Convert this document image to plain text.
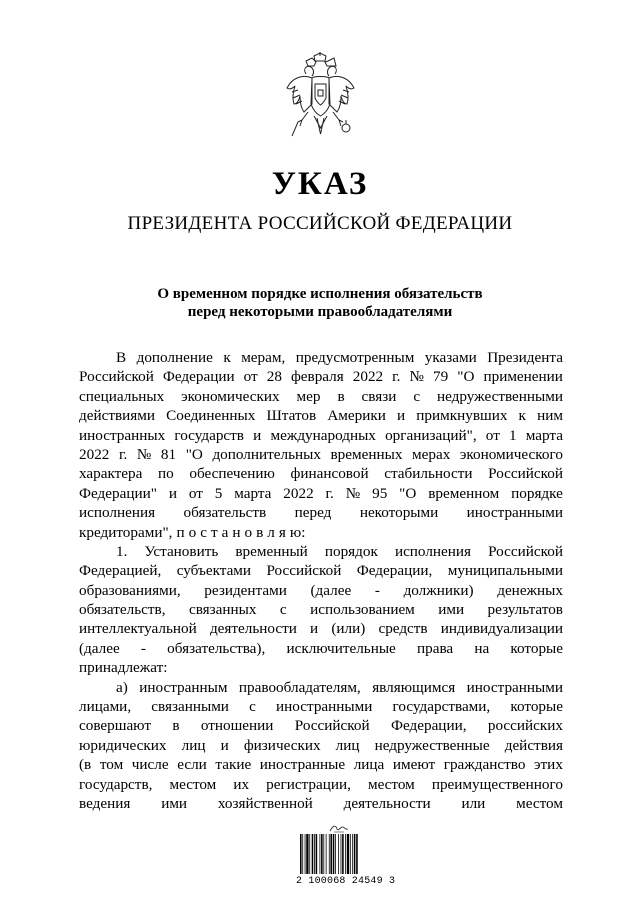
УКАЗ
ПРЕЗИДЕНТА РОССИЙСКОЙ ФЕДЕРАЦИИ
О временном порядке исполнения обязательств
перед некоторыми правообладателями
В дополнение к мерам, предусмотренным указами Президента
Российской Федерации от 28 февраля 2022 г. № 79 "О применении
специальных экономических мер в связи с недружественными
действиями Соединенных Штатов Америки и примкнувших к ним
иностранных государств и международных организаций", от 1 марта
2022 г. № 81 "О дополнительных временных мерах экономического
характера по обеспечению финансовой стабильности Российской
Федерации" и от 5 марта 2022 г. № 95 "О временном порядке
исполнения обязательств перед некоторыми иностранными
кредиторами", п о с т а н о в л я ю:
1. Установить временный порядок исполнения Российской
Федерацией, субъектами Российской Федерации, муниципальными
образованиями, резидентами (далее - должники) денежных
обязательств, связанных с использованием ими результатов
интеллектуальной деятельности и (или) средств индивидуализации
(далее - обязательства), исключительные права на которые
принадлежат:
а) иностранным правообладателям, являющимся иностранными
лицами, связанными с иностранными государствами, которые
совершают в отношении Российской Федерации, российских
юридических лиц и физических лиц недружественные действия
(в том числе если такие иностранные лица имеют гражданство этих
государств, местом их регистрации, местом преимущественного
ведения ими хозяйственной деятельности или местом
2 100068 24549 3
